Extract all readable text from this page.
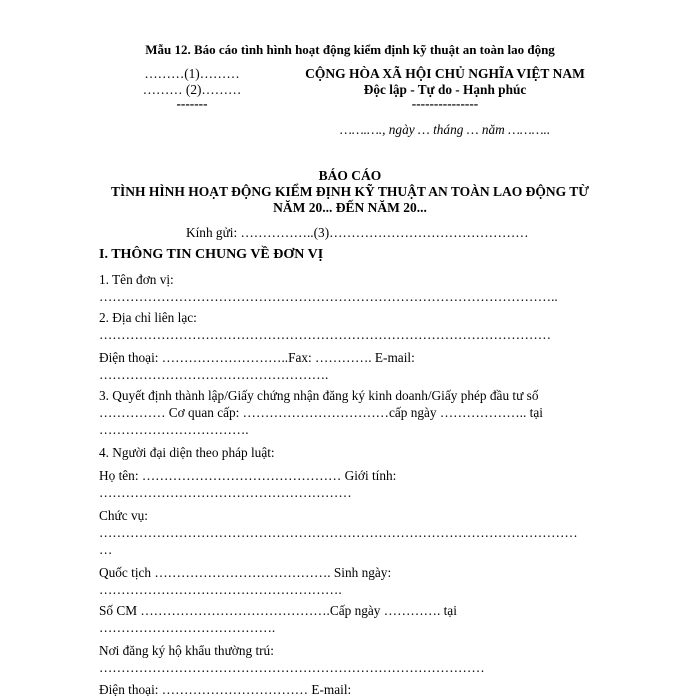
Mẫu 12. Báo cáo tình hình hoạt động kiểm định kỹ thuật an toàn lao động
………(1)………
……… (2)………
-------
CỘNG HÒA XÃ HỘI CHỦ NGHĨA VIỆT NAM
Độc lập - Tự do - Hạnh phúc
---------------
…….…., ngày … tháng … năm ………..
BÁO CÁO
TÌNH HÌNH HOẠT ĐỘNG KIỂM ĐỊNH KỸ THUẬT AN TOÀN LAO ĐỘNG TỪ
NĂM 20... ĐẾN NĂM 20...
Kính gửi: ……………..(3)………………………………………
I. THÔNG TIN CHUNG VỀ ĐƠN VỊ
1. Tên đơn vị:
…………………………………………………………………………………………..
2. Địa chỉ liên lạc:
…………………………………………………………………………………………
Điện thoại: ………………………..Fax: …………. E-mail:
…………………………………………….
3. Quyết định thành lập/Giấy chứng nhận đăng ký kinh doanh/Giấy phép đầu tư số
…………… Cơ quan cấp: ……………………………cấp ngày ……………….. tại
…………………………….
4. Người đại diện theo pháp luật:
Họ tên: ……………………………………… Giới tính:
…………………………………………………
Chức vụ:
………………………………………………………………………………………………
…
Quốc tịch …………………………………. Sinh ngày:
……………………………………………….
Số CM …………………………………….Cấp ngày …………. tại
………………………………….
Nơi đăng ký hộ khẩu thường trú:
……………………………………………………………………………
Điện thoại: …………………………… E-mail:
